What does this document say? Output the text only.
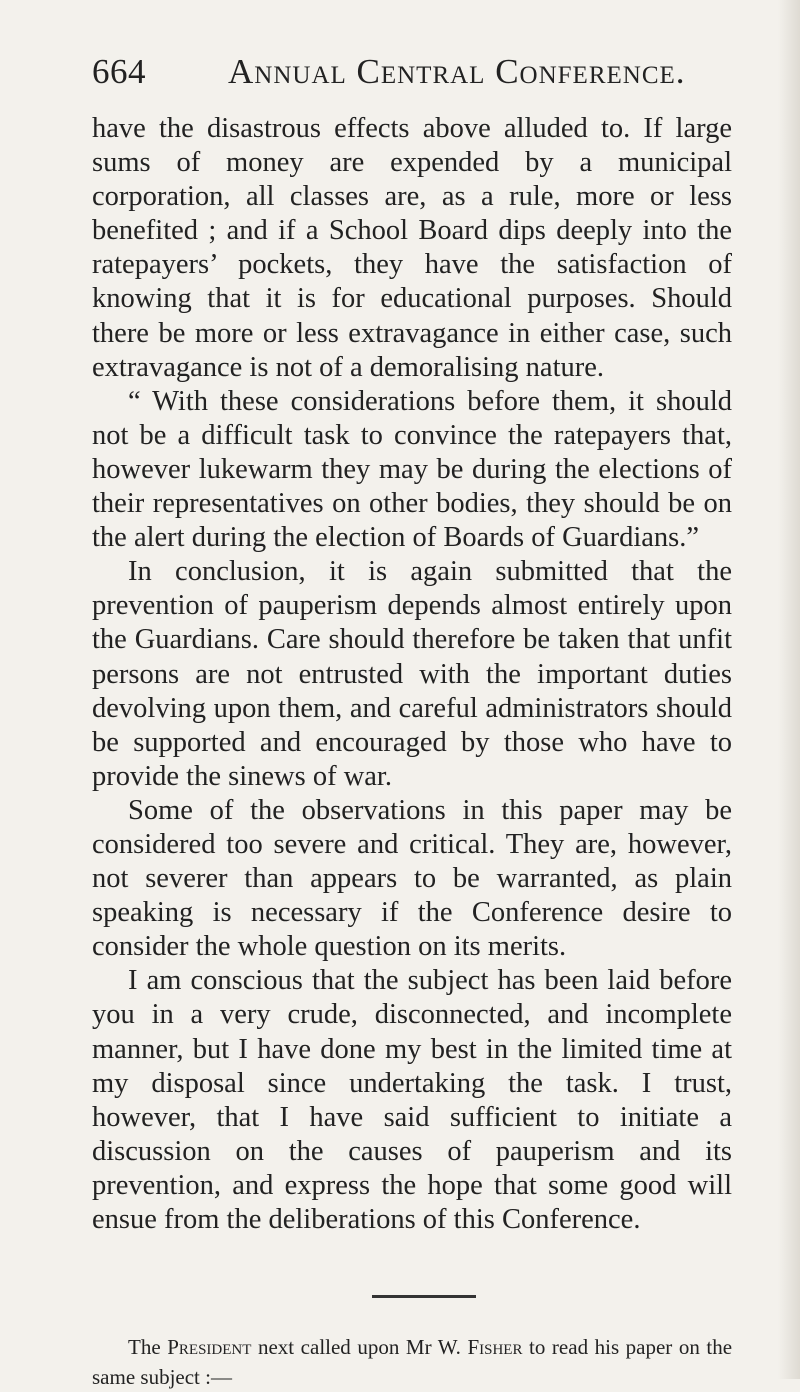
664 Annual Central Conference.

have the disastrous effects above alluded to. If large sums of money are expended by a municipal corporation, all classes are, as a rule, more or less benefited ; and if a School Board dips deeply into the ratepayers’ pockets, they have the satisfaction of knowing that it is for educational purposes. Should there be more or less extravagance in either case, such extravagance is not of a demoralising nature.

“ With these considerations before them, it should not be a difficult task to convince the ratepayers that, however lukewarm they may be during the elections of their representatives on other bodies, they should be on the alert during the election of Boards of Guardians.”

In conclusion, it is again submitted that the prevention of pauperism depends almost entirely upon the Guardians. Care should therefore be taken that unfit persons are not entrusted with the important duties devolving upon them, and careful administrators should be supported and encouraged by those who have to provide the sinews of war.

Some of the observations in this paper may be considered too severe and critical. They are, however, not severer than appears to be warranted, as plain speaking is necessary if the Conference desire to consider the whole question on its merits.

I am conscious that the subject has been laid before you in a very crude, disconnected, and incomplete manner, but I have done my best in the limited time at my disposal since undertaking the task. I trust, however, that I have said sufficient to initiate a discussion on the causes of pauperism and its prevention, and express the hope that some good will ensue from the deliberations of this Conference.

The President next called upon Mr W. Fisher to read his paper on the same subject :—
